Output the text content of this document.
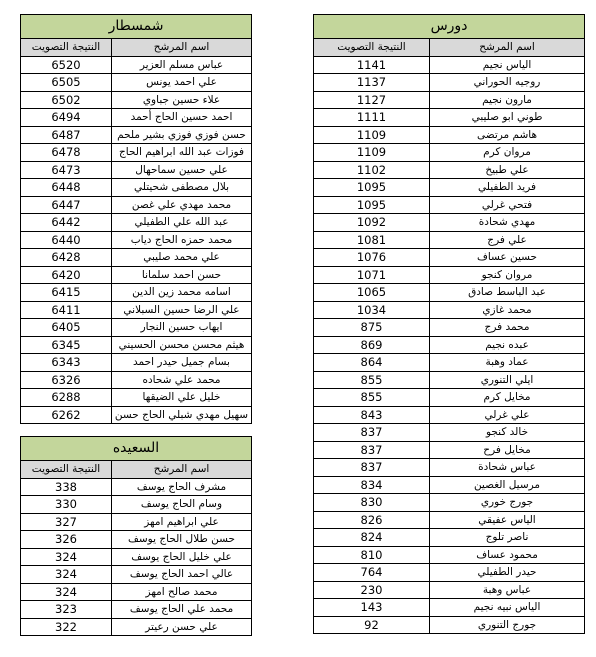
دورس	
النتيجة التصويت	اسم المرشح
1141	الياس نجيم
1137	روجيه الحوراني
1127	مارون نجيم
1111	طوني ابو صليبي
1109	هاشم مرتضى
1109	مروان كرم
1102	علي طبيخ
1095	فريد الطفيلي
1095	فتحي غرلي
1092	مهدي شحادة
1081	علي فرج
1076	حسين عساف
1071	مروان كنجو
1065	عبد الباسط صادق
1034	محمد غازي
875	محمد فرج
869	عبده نجيم
864	عماد وهبة
855	ايلي التنوري
855	مخايل كرم
843	علي غرلي
837	خالد كنجو
837	مخايل فرح
837	عباس شحادة
834	مرسيل الغصين
830	جورج خوري
826	الياس عفيقي
824	ناصر تلوج
810	محمود عساف
764	حيدر الطفيلي
230	عباس وهبة
143	الياس نبيه نجيم
92	جورج التنوري
شمسطار	
النتيجة التصويت	اسم المرشح
6520	عباس مسلم العزير
6505	علي احمد يونس
6502	علاء حسين جباوي
6494	احمد حسين الحاج أحمد
6487	حسن فوزي فوزي بشير ملحم
6478	فوزات عبد الله ابراهيم الحاج
6473	علي حسين سماحهال
6448	بلال مصطفى شحيتلي
6447	محمد مهدي علي غصن
6442	عبد الله علي الطفيلي
6440	محمد حمزه الحاج دياب
6428	علي محمد صليبي
6420	حسن احمد سلمانا
6415	اسامه محمد زين الدين
6411	علي الرضا حسين السبلاني
6405	ايهاب حسين النجار
6345	هيثم محسن محسن الحسيني
6343	بسام جميل حيدر احمد
6326	محمد علي شحاده
6288	خليل علي الضيقها
6262	سهيل مهدي شبلي الحاج حسن
السعيده	
النتيجة التصويت	اسم المرشح
338	مشرف الحاج يوسف
330	وسام الحاج يوسف
327	علي ابراهيم امهز
326	حسن طلال الحاج يوسف
324	علي خليل الحاج يوسف
324	عالي احمد الحاج يوسف
324	محمد صالح امهز
323	محمد علي الحاج يوسف
322	علي حسن رعيتر
